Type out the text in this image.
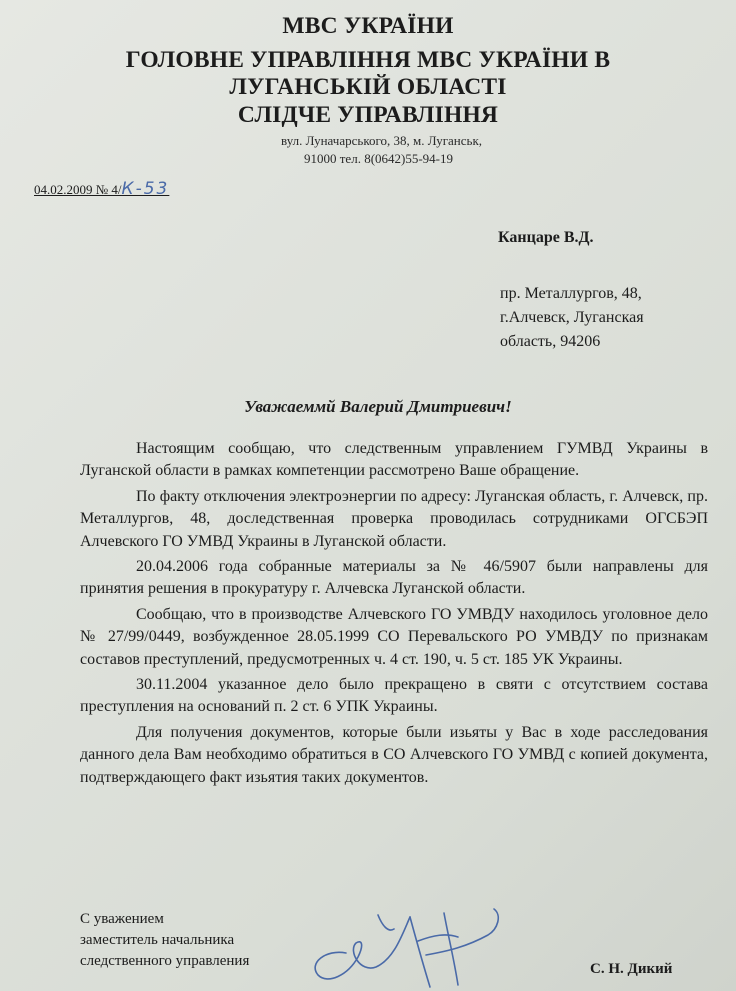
МВС УКРАЇНИ
ГОЛОВНЕ УПРАВЛІННЯ МВС УКРАЇНИ В
ЛУГАНСЬКІЙ ОБЛАСТІ
СЛІДЧЕ УПРАВЛІННЯ
вул. Луначарського, 38, м. Луганськ,
91000 тел. 8(0642)55-94-19
04.02.2009 № 4/К-53
Канцаре В.Д.
пр. Металлургов, 48,
г.Алчевск, Луганская
область, 94206
Уважаеммй Валерий Дмитриевич!

Настоящим сообщаю, что следственным управлением ГУМВД Украины в Луганской области в рамках компетенции рассмотрено Ваше обращение.

По факту отключения электроэнергии по адресу: Луганская область, г. Алчевск, пр. Металлургов, 48, доследственная проверка проводилась сотрудниками ОГСБЭП Алчевского ГО УМВД Украины в Луганской области.

20.04.2006 года собранные материалы за № 46/5907 были направлены для принятия решения в прокуратуру г. Алчевска Луганской области.

Сообщаю, что в производстве Алчевского ГО УМВДУ находилось уголовное дело № 27/99/0449, возбужденное 28.05.1999 СО Перевальского РО УМВДУ по признакам составов преступлений, предусмотренных ч. 4 ст. 190, ч. 5 ст. 185 УК Украины.

30.11.2004 указанное дело было прекращено в святи с отсутствием состава преступления на оснований п. 2 ст. 6 УПК Украины.

Для получения документов, которые были изьяты у Вас в ходе расследования данного дела Вам необходимо обратиться в СО Алчевского ГО УМВД с копией документа, подтверждающего факт изьятия таких документов.

С уважением
заместитель начальника
следственного управления	С. Н. Дикий
